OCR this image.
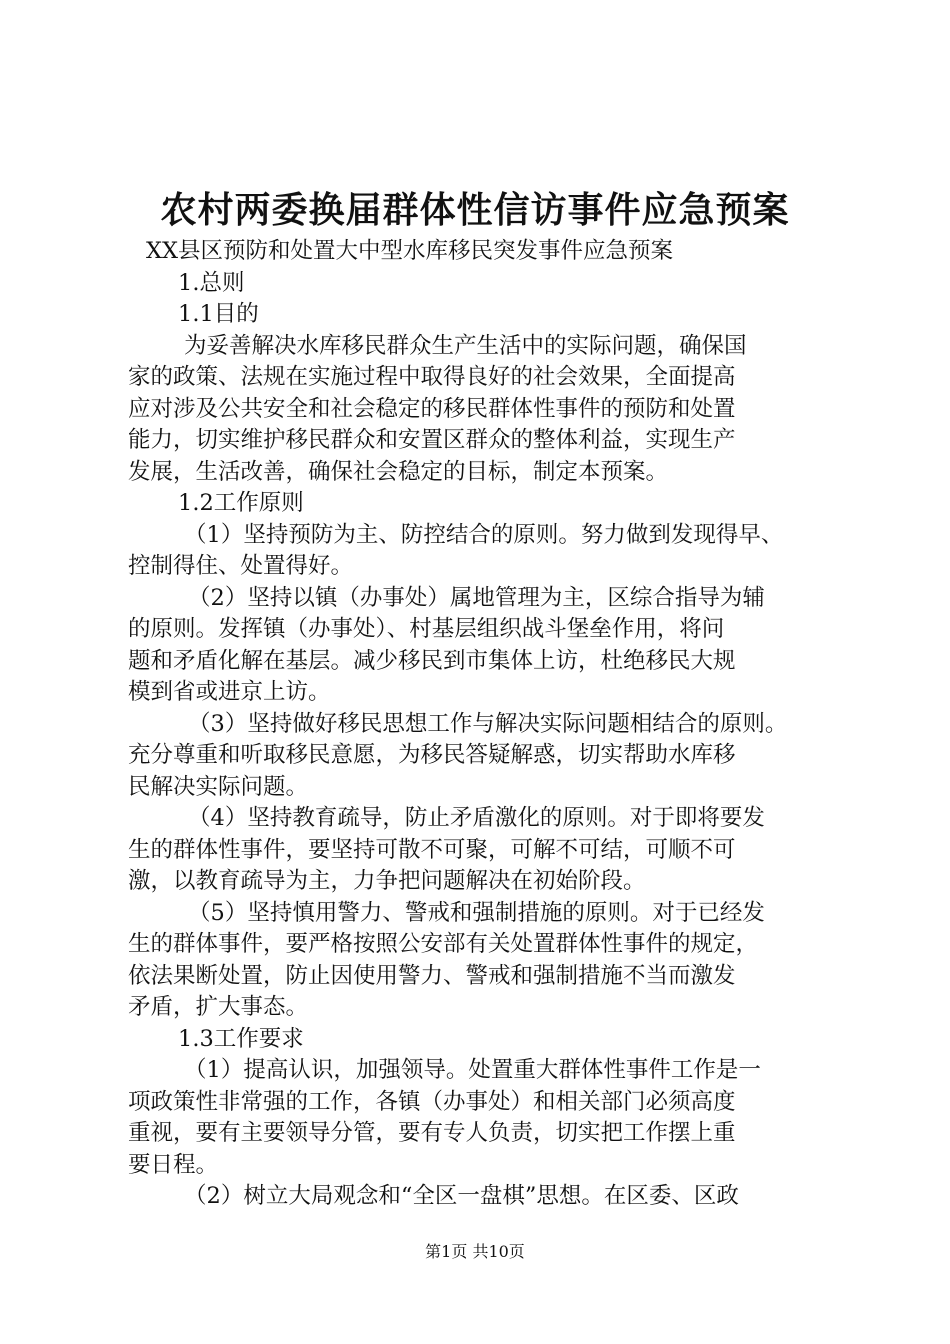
农村两委换届群体性信访事件应急预案
XX县区预防和处置大中型水库移民突发事件应急预案
1.总则
1.1目的
为妥善解决水库移民群众生产生活中的实际问题，确保国
家的政策、法规在实施过程中取得良好的社会效果，全面提高
应对涉及公共安全和社会稳定的移民群体性事件的预防和处置
能力，切实维护移民群众和安置区群众的整体利益，实现生产
发展，生活改善，确保社会稳定的目标，制定本预案。
1.2工作原则
（1）坚持预防为主、防控结合的原则。努力做到发现得早、
控制得住、处置得好。
（2）坚持以镇（办事处）属地管理为主，区综合指导为辅
的原则。发挥镇（办事处）、村基层组织战斗堡垒作用，将问
题和矛盾化解在基层。减少移民到市集体上访，杜绝移民大规
模到省或进京上访。
（3）坚持做好移民思想工作与解决实际问题相结合的原则。
充分尊重和听取移民意愿，为移民答疑解惑，切实帮助水库移
民解决实际问题。
（4）坚持教育疏导，防止矛盾激化的原则。对于即将要发
生的群体性事件，要坚持可散不可聚，可解不可结，可顺不可
激，以教育疏导为主，力争把问题解决在初始阶段。
（5）坚持慎用警力、警戒和强制措施的原则。对于已经发
生的群体事件，要严格按照公安部有关处置群体性事件的规定，
依法果断处置，防止因使用警力、警戒和强制措施不当而激发
矛盾，扩大事态。
1.3工作要求
（1）提高认识，加强领导。处置重大群体性事件工作是一
项政策性非常强的工作，各镇（办事处）和相关部门必须高度
重视，要有主要领导分管，要有专人负责，切实把工作摆上重
要日程。
（2）树立大局观念和“全区一盘棋”思想。在区委、区政
第1页 共10页
